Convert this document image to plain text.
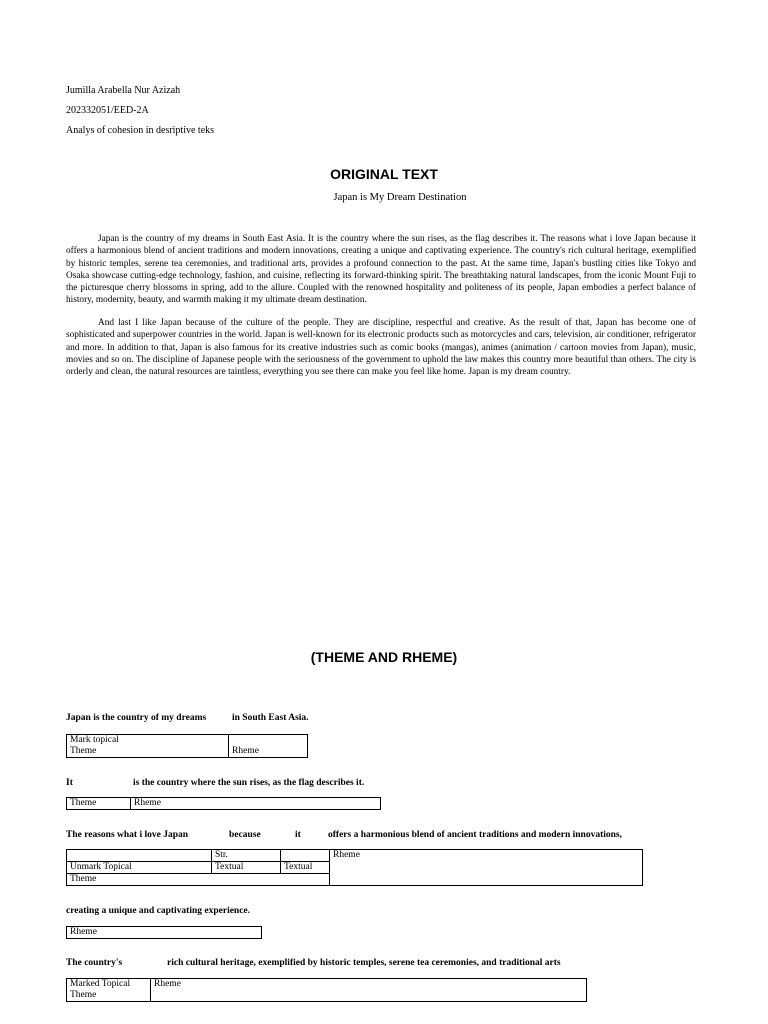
Jumilla Arabella Nur Azizah
202332051/EED-2A
Analys of cohesion in desriptive teks
ORIGINAL TEXT
Japan is My Dream Destination

Japan is the country of my dreams in South East Asia. It is the country where the sun rises, as the flag describes it. The reasons what i love Japan because it offers a harmonious blend of ancient traditions and modern innovations, creating a unique and captivating experience. The country's rich cultural heritage, exemplified by historic temples, serene tea ceremonies, and traditional arts, provides a profound connection to the past. At the same time, Japan's bustling cities like Tokyo and Osaka showcase cutting-edge technology, fashion, and cuisine, reflecting its forward-thinking spirit. The breathtaking natural landscapes, from the iconic Mount Fuji to the picturesque cherry blossoms in spring, add to the allure. Coupled with the renowned hospitality and politeness of its people, Japan embodies a perfect balance of history, modernity, beauty, and warmth making it my ultimate dream destination.

And last I like Japan because of the culture of the people. They are discipline, respectful and creative. As the result of that, Japan has become one of sophisticated and superpower countries in the world. Japan is well-known for its electronic products such as motorcycles and cars, television, air conditioner, refrigerator and more. In addition to that, Japan is also famous for its creative industries such as comic books (mangas), animes (animation / cartoon movies from Japan), music, movies and so on. The discipline of Japanese people with the seriousness of the government to uphold the law makes this country more beautiful than others. The city is orderly and clean, the natural resources are taintless, everything you see there can make you feel like home. Japan is my dream country.

(THEME AND RHEME)
Japan is the country of my dreams	in South East Asia.
Mark topical	
Theme	Rheme
It	is the country where the sun rises, as the flag describes it.
Theme	Rheme
The reasons what i love Japan	because	it	offers a harmonious blend of ancient traditions and modern innovations,
	Str.		Rheme
Unmark Topical	Textual	Textual	
Theme			
creating a unique and captivating experience.
Rheme
The country's	rich cultural heritage, exemplified by historic temples, serene tea ceremonies, and traditional arts
Marked Topical	Rheme
Theme
